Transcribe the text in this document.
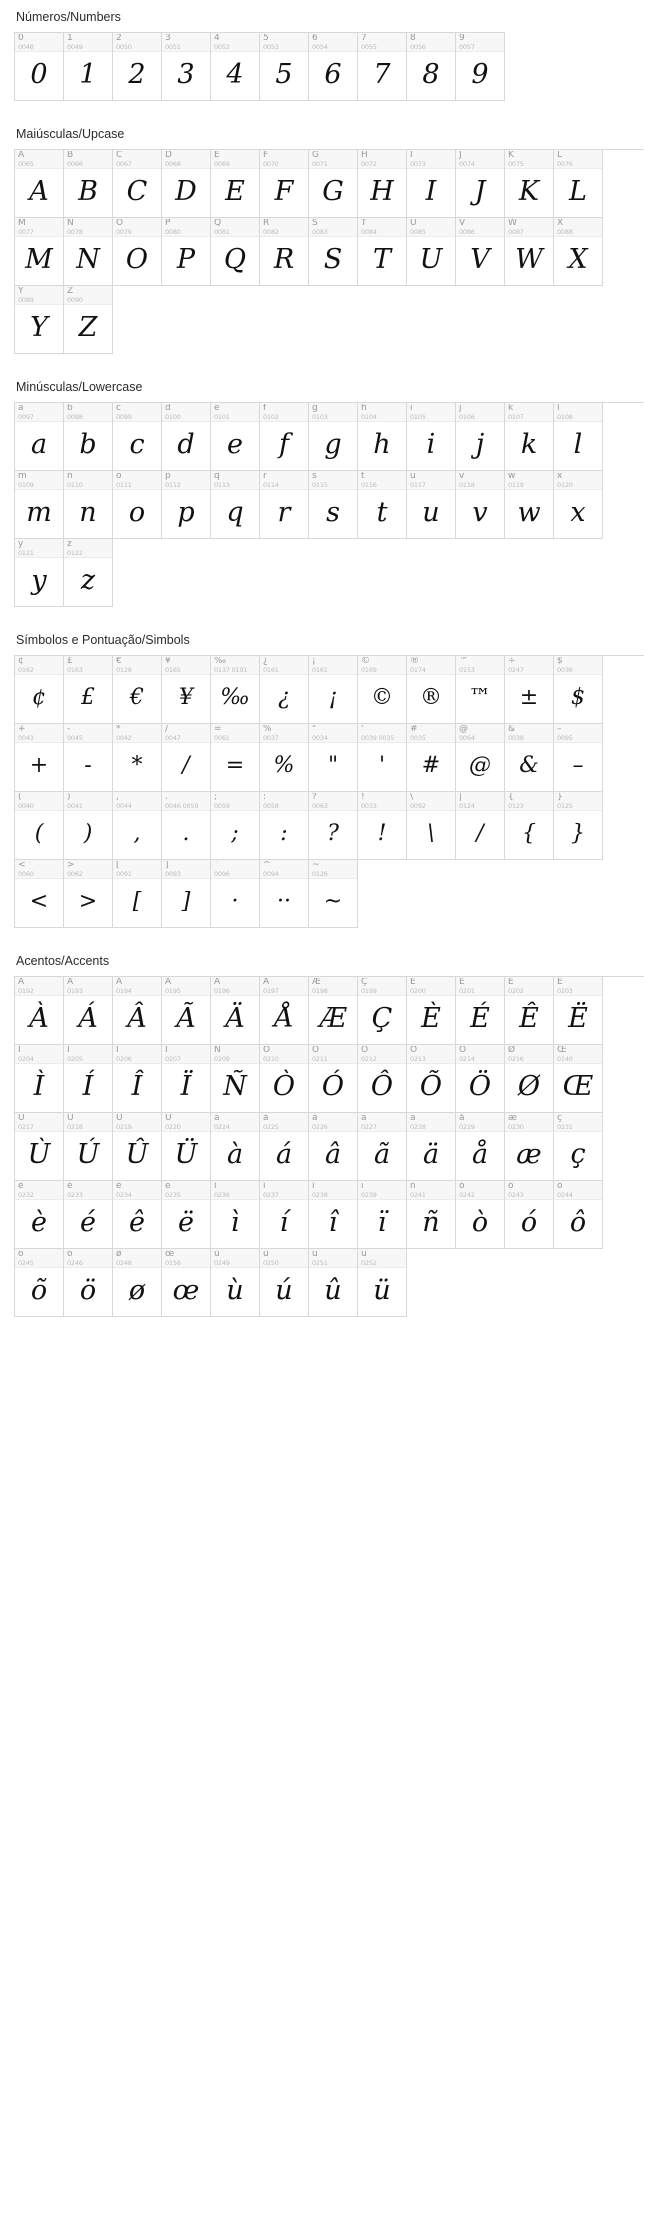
Números/Numbers
0
0048
0
1
0049
1
2
0050
2
3
0051
3
4
0052
4
5
0053
5
6
0054
6
7
0055
7
8
0056
8
9
0057
9
Maiúsculas/Upcase
A
0065
A
B
0066
B
C
0067
C
D
0068
D
E
0069
E
F
0070
F
G
0071
G
H
0072
H
I
0073
I
J
0074
J
K
0075
K
L
0076
L
M
0077
M
N
0078
N
O
0079
O
P
0080
P
Q
0081
Q
R
0082
R
S
0083
S
T
0084
T
U
0085
U
V
0086
V
W
0087
W
X
0088
X
Y
0089
Y
Z
0090
Z
Minúsculas/Lowercase
a
0097
a
b
0098
b
c
0099
c
d
0100
d
e
0101
e
f
0102
f
g
0103
g
h
0104
h
i
0105
i
j
0106
j
k
0107
k
l
0108
l
m
0109
m
n
0110
n
o
0111
o
p
0112
p
q
0113
q
r
0114
r
s
0115
s
t
0116
t
u
0117
u
v
0118
v
w
0119
w
x
0120
x
y
0121
y
z
0122
z
Símbolos e Pontuação/Simbols
¢
0162
¢
£
0163
£
€
0128
€
¥
0165
¥
‰
0137 0191
‰
¿
0161
¿
¡
0161
¡
©
0169
©
®
0174
®
™
0153
™
÷
0247
±
$
0036
$
+
0043
+
-
0045
-
*
0042
*
/
0047
/
=
0061
=
%
0037
%
"
0034
"
'
0039 0035
'
#
0035
#
@
0064
@
&
0038
&
–
0095
–
(
0040
(
)
0041
)
,
0044
,
.
0046 0059
.
;
0059
;
:
0058
:
?
0063
?
!
0033
!
\
0092
\
|
0124
/
{
0123
{
}
0125
}
<
0060
<
>
0062
>
[
0091
[
]
0093
]
`
0096
·
^
0094
··
~
0126
~
Acentos/Accents
À
0192
À
Á
0193
Á
Â
0194
Â
Ã
0195
Ã
Ä
0196
Ä
Å
0197
Å
Æ
0198
Æ
Ç
0199
Ç
È
0200
È
É
0201
É
Ê
0202
Ê
Ë
0203
Ë
Ì
0204
Ì
Í
0205
Í
Î
0206
Î
Ï
0207
Ï
Ñ
0209
Ñ
Ò
0210
Ò
Ó
0211
Ó
Ô
0212
Ô
Õ
0213
Õ
Ö
0214
Ö
Ø
0216
Ø
Œ
0140
Œ
Ù
0217
Ù
Ú
0218
Ú
Û
0219
Û
Ü
0220
Ü
à
0224
à
á
0225
á
à
0226
â
ã
0227
ã
ä
0228
ä
å
0229
å
æ
0230
æ
ç
0231
ç
è
0232
è
é
0233
é
ê
0234
ê
ë
0235
ë
ì
0236
ì
í
0237
í
î
0238
î
ï
0239
ï
ñ
0241
ñ
ò
0242
ò
ó
0243
ó
ô
0244
ô
õ
0245
õ
ö
0246
ö
ø
0248
ø
œ
0156
œ
ù
0249
ù
ú
0250
ú
û
0251
û
ü
0252
ü
